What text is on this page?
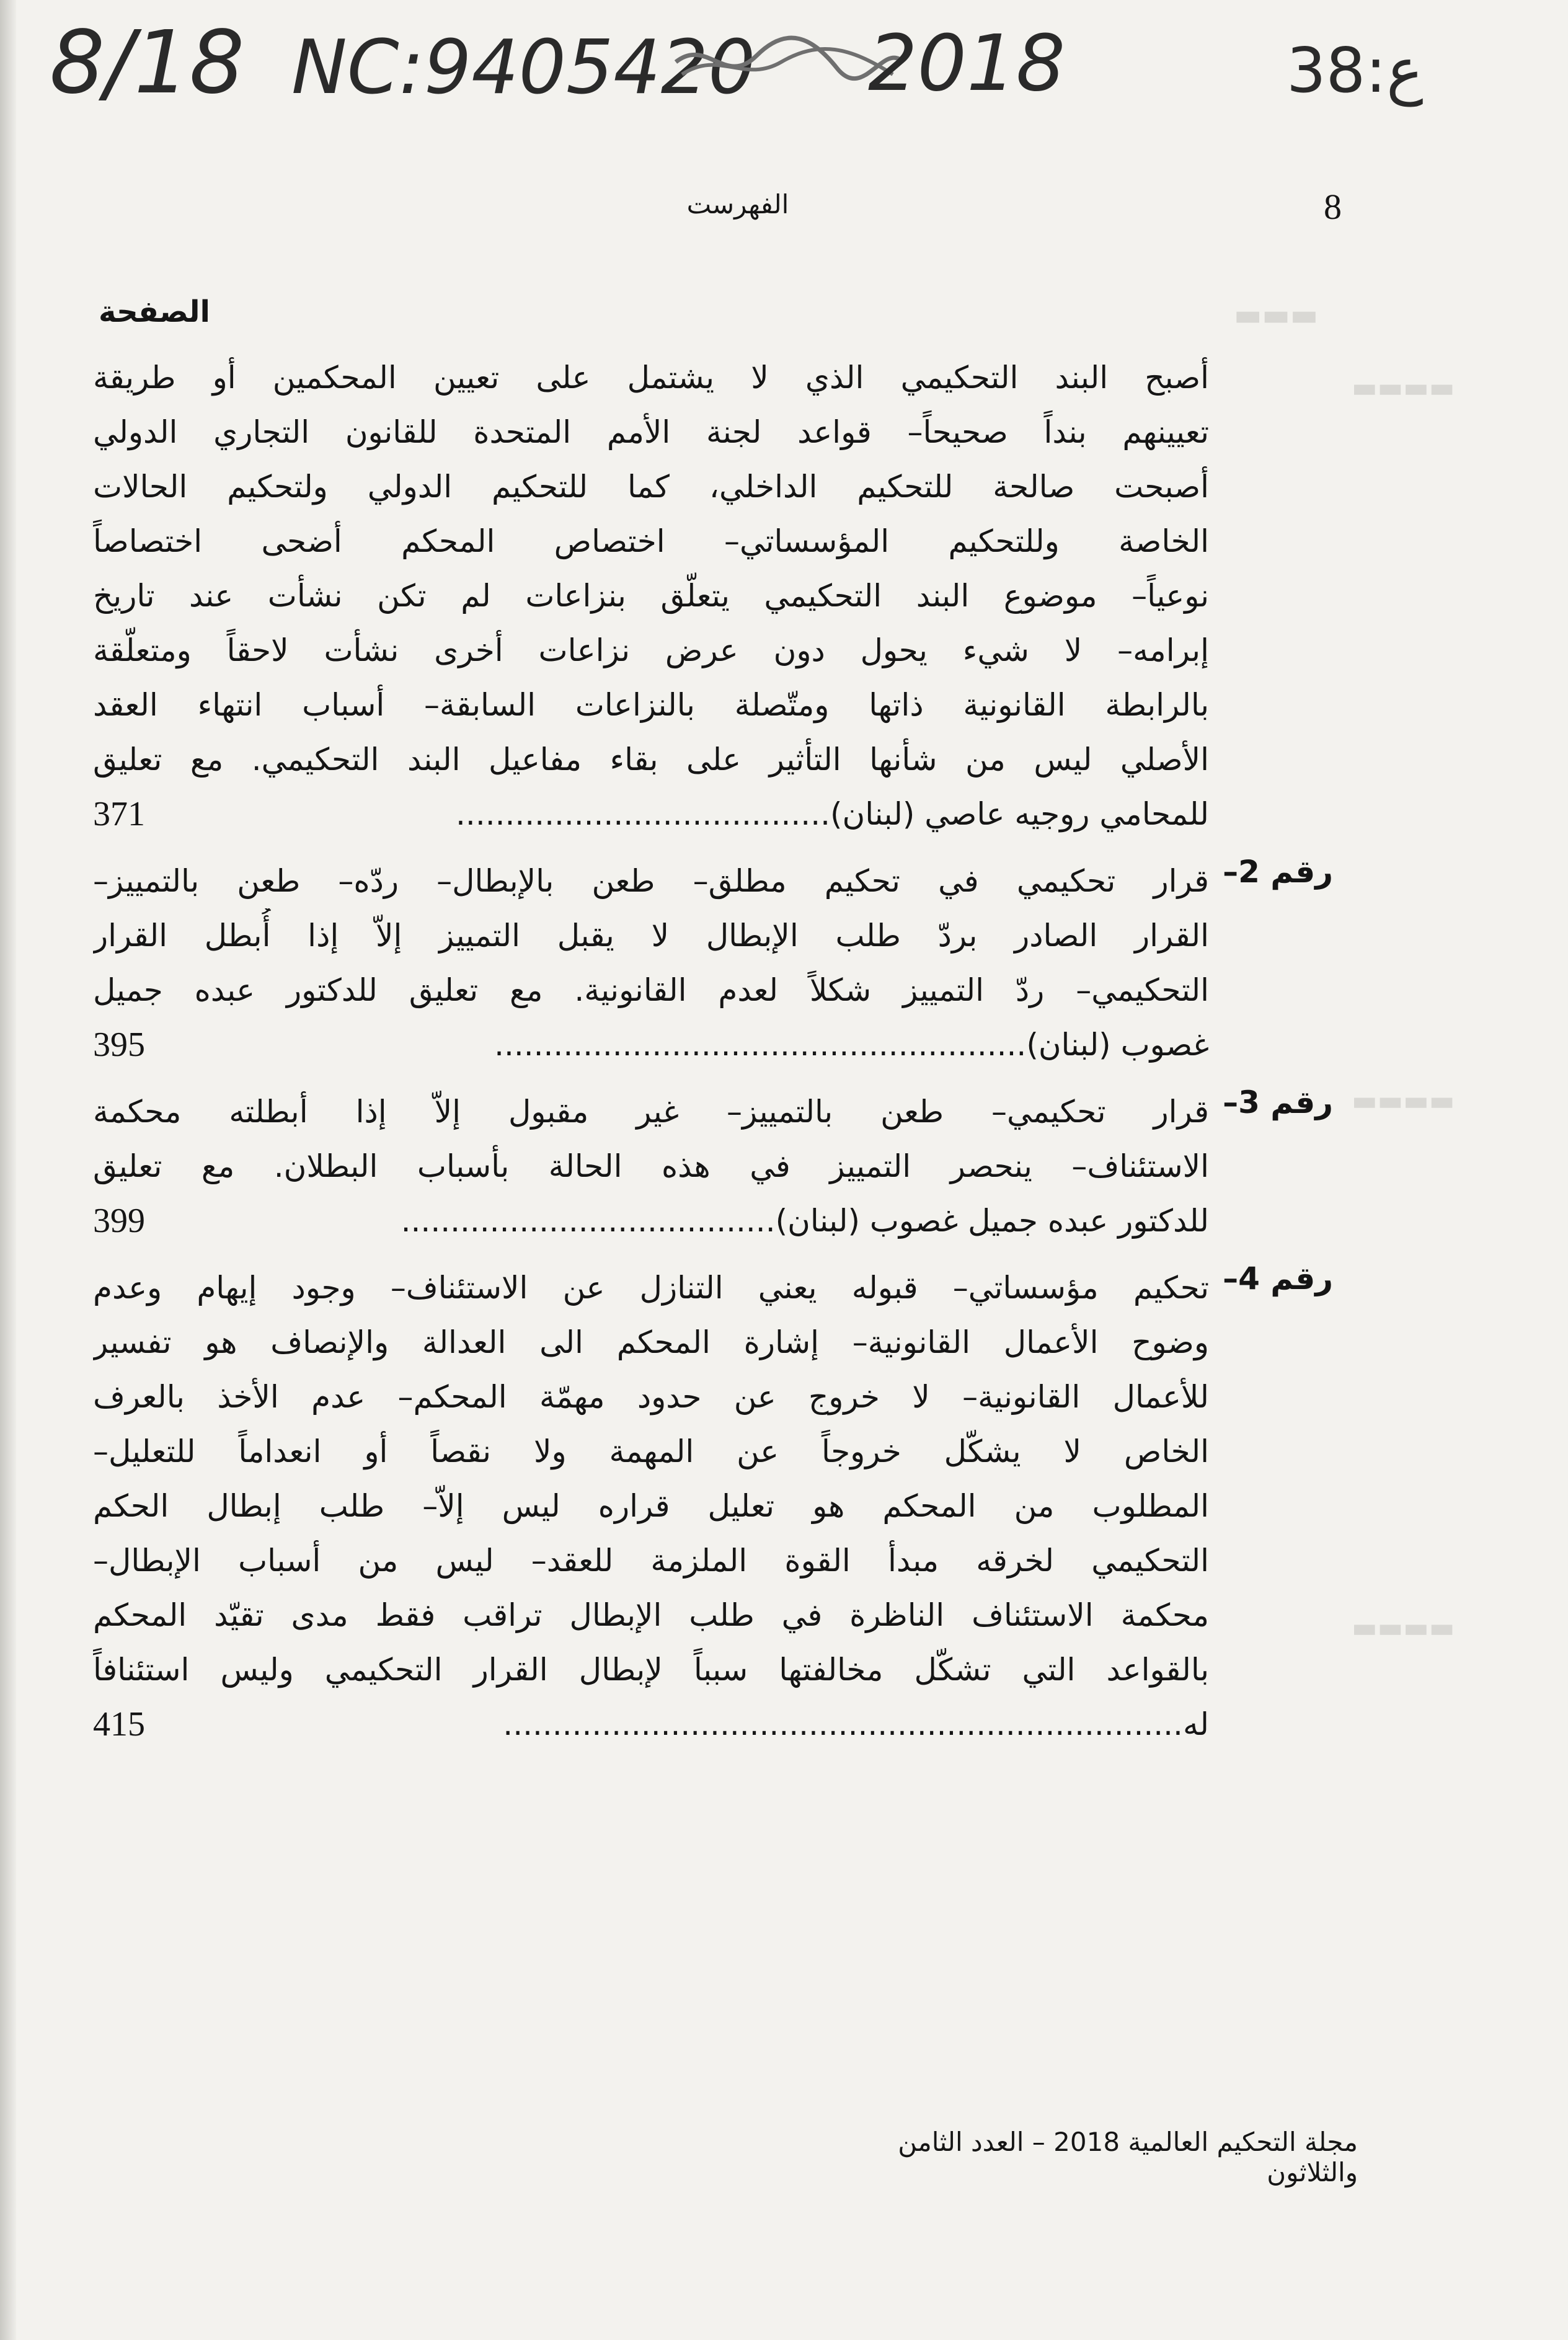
▬▬▬
▬▬▬▬
▬▬▬▬
▬▬▬▬
8/18 NC:9405420 2018	38:ع
8
الفهرست
الصفحة
أصبح البند التحكيمي الذي لا يشتمل على تعيين المحكمين أو طريقة
تعيينهم بنداً صحيحاً– قواعد لجنة الأمم المتحدة للقانون التجاري الدولي
أصبحت صالحة للتحكيم الداخلي، كما للتحكيم الدولي ولتحكيم الحالات
الخاصة وللتحكيم المؤسساتي– اختصاص المحكم أضحى اختصاصاً
نوعياً– موضوع البند التحكيمي يتعلّق بنزاعات لم تكن نشأت عند تاريخ
إبرامه– لا شيء يحول دون عرض نزاعات أخرى نشأت لاحقاً ومتعلّقة
بالرابطة القانونية ذاتها ومتّصلة بالنزاعات السابقة– أسباب انتهاء العقد
الأصلي ليس من شأنها التأثير على بقاء مفاعيل البند التحكيمي. مع تعليق
للمحامي روجيه عاصي (لبنان)......................................
371
رقم 2–
قرار تحكيمي في تحكيم مطلق– طعن بالإبطال– ردّه– طعن بالتمييز–
القرار الصادر بردّ طلب الإبطال لا يقبل التمييز إلاّ إذا أُبطل القرار
التحكيمي– ردّ التمييز شكلاً لعدم القانونية. مع تعليق للدكتور عبده جميل
غصوب (لبنان)......................................................
395
رقم 3–
قرار تحكيمي– طعن بالتمييز– غير مقبول إلاّ إذا أبطلته محكمة
الاستئناف– ينحصر التمييز في هذه الحالة بأسباب البطلان. مع تعليق
للدكتور عبده جميل غصوب (لبنان)......................................
399
رقم 4–
تحكيم مؤسساتي– قبوله يعني التنازل عن الاستئناف– وجود إيهام وعدم
وضوح الأعمال القانونية– إشارة المحكم الى العدالة والإنصاف هو تفسير
للأعمال القانونية– لا خروج عن حدود مهمّة المحكم– عدم الأخذ بالعرف
الخاص لا يشكّل خروجاً عن المهمة ولا نقصاً أو انعداماً للتعليل–
المطلوب من المحكم هو تعليل قراره ليس إلاّ– طلب إبطال الحكم
التحكيمي لخرقه مبدأ القوة الملزمة للعقد– ليس من أسباب الإبطال–
محكمة الاستئناف الناظرة في طلب الإبطال تراقب فقط مدى تقيّد المحكم
بالقواعد التي تشكّل مخالفتها سبباً لإبطال القرار التحكيمي وليس استئنافاً
له.....................................................................
415
مجلة التحكيم العالمية 2018 – العدد الثامن والثلاثون
